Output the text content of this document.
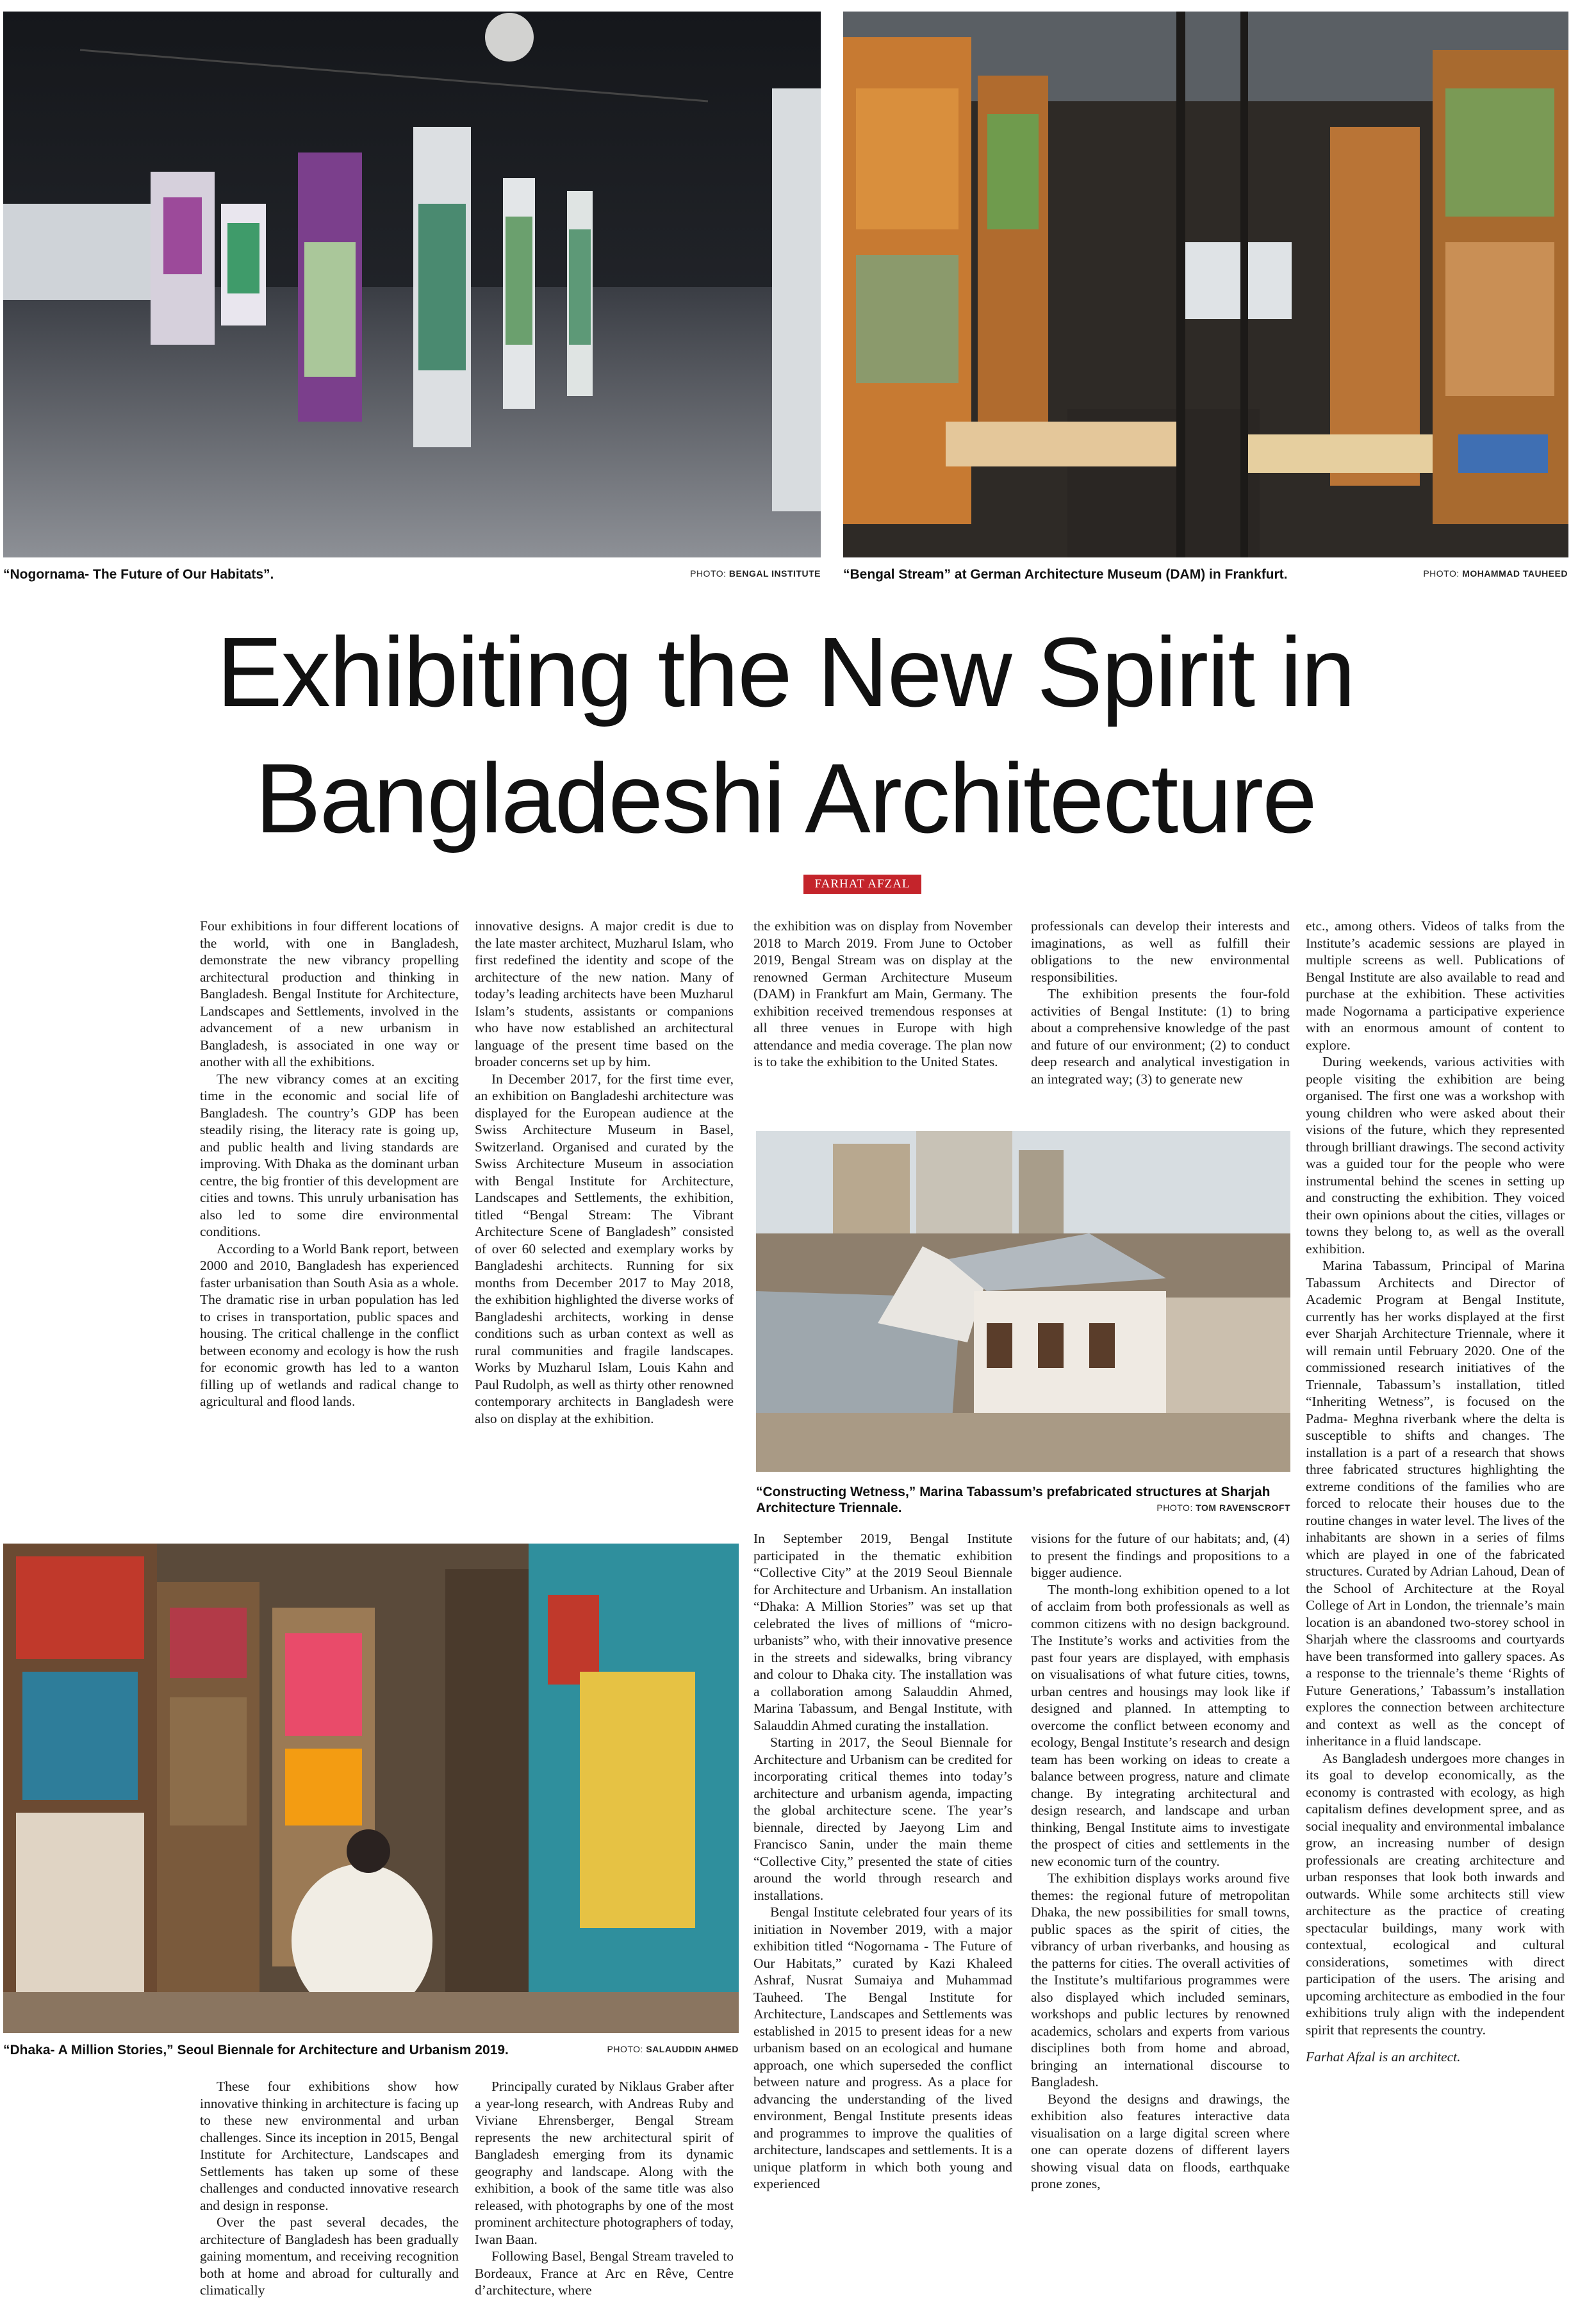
“Nogornama- The Future of Our Habitats”.	PHOTO: BENGAL INSTITUTE “Bengal Stream” at German Architecture Museum (DAM) in Frankfurt.	PHOTO: MOHAMMAD TAUHEED
Exhibiting the New Spirit in
Bangladeshi Architecture
FARHAT AFZAL

Four exhibitions in four different locations of the world, with one in Bangladesh, demonstrate the new vibrancy propelling architectural production and thinking in Bangladesh. Bengal Institute for Architecture, Landscapes and Settlements, involved in the advancement of a new urbanism in Bangladesh, is associated in one way or another with all the exhibitions.

The new vibrancy comes at an exciting time in the economic and social life of Bangladesh. The country’s GDP has been steadily rising, the literacy rate is going up, and public health and living standards are improving. With Dhaka as the dominant urban centre, the big frontier of this development are cities and towns. This unruly urbanisation has also led to some dire environmental conditions.

According to a World Bank report, between 2000 and 2010, Bangladesh has experienced faster urbanisation than South Asia as a whole. The dramatic rise in urban population has led to crises in transportation, public spaces and housing. The critical challenge in the conflict between economy and ecology is how the rush for economic growth has led to a wanton filling up of wetlands and radical change to agricultural and flood lands.

innovative designs. A major credit is due to the late master architect, Muzharul Islam, who first redefined the identity and scope of the architecture of the new nation. Many of today’s leading architects have been Muzharul Islam’s students, assistants or companions who have now established an architectural language of the present time based on the broader concerns set up by him.

In December 2017, for the first time ever, an exhibition on Bangladeshi architecture was displayed for the European audience at the Swiss Architecture Museum in Basel, Switzerland. Organised and curated by the Swiss Architecture Museum in association with Bengal Institute for Architecture, Landscapes and Settlements, the exhibition, titled “Bengal Stream: The Vibrant Architecture Scene of Bangladesh” consisted of over 60 selected and exemplary works by Bangladeshi architects. Running for six months from December 2017 to May 2018, the exhibition highlighted the diverse works of Bangladeshi architects, working in dense conditions such as urban context as well as rural communities and fragile landscapes. Works by Muzharul Islam, Louis Kahn and Paul Rudolph, as well as thirty other renowned contemporary architects in Bangladesh were also on display at the exhibition.

the exhibition was on display from November 2018 to March 2019. From June to October 2019, Bengal Stream was on display at the renowned German Architecture Museum (DAM) in Frankfurt am Main, Germany. The exhibition received tremendous responses at all three venues in Europe with high attendance and media coverage. The plan now is to take the exhibition to the United States.

professionals can develop their interests and imaginations, as well as fulfill their obligations to the new environmental responsibilities.

The exhibition presents the four-fold activities of Bengal Institute: (1) to bring about a comprehensive knowledge of the past and future of our environment; (2) to conduct deep research and analytical investigation in an integrated way; (3) to generate new

etc., among others. Videos of talks from the Institute’s academic sessions are played in multiple screens as well. Publications of Bengal Institute are also available to read and purchase at the exhibition. These activities made Nogornama a participative experience with an enormous amount of content to explore.

During weekends, various activities with people visiting the exhibition are being organised. The first one was a workshop with young children who were asked about their visions of the future, which they represented through brilliant drawings. The second activity was a guided tour for the people who were instrumental behind the scenes in setting up and constructing the exhibition. They voiced their own opinions about the cities, villages or towns they belong to, as well as the overall exhibition.

Marina Tabassum, Principal of Marina Tabassum Architects and Director of Academic Program at Bengal Institute, currently has her works displayed at the first ever Sharjah Architecture Triennale, where it will remain until February 2020. One of the commissioned research initiatives of the Triennale, Tabassum’s installation, titled “Inheriting Wetness”, is focused on the Padma- Meghna riverbank where the delta is susceptible to shifts and changes. The installation is a part of a research that shows three fabricated structures highlighting the extreme conditions of the families who are forced to relocate their houses due to the routine changes in water level. The lives of the inhabitants are shown in a series of films which are played in one of the fabricated structures. Curated by Adrian Lahoud, Dean of the School of Architecture at the Royal College of Art in London, the triennale’s main location is an abandoned two-storey school in Sharjah where the classrooms and courtyards have been transformed into gallery spaces. As a response to the triennale’s theme ‘Rights of Future Generations,’ Tabassum’s installation explores the connection between architecture and context as well as the concept of inheritance in a fluid landscape.

As Bangladesh undergoes more changes in its goal to develop economically, as the economy is contrasted with ecology, as high capitalism defines development spree, and as social inequality and environmental imbalance grow, an increasing number of design professionals are creating architecture and urban responses that look both inwards and outwards. While some architects still view architecture as the practice of creating spectacular buildings, many work with contextual, ecological and cultural considerations, sometimes with direct participation of the users. The arising and upcoming architecture as embodied in the four exhibitions truly align with the independent spirit that represents the country.

Farhat Afzal is an architect.

“Constructing Wetness,” Marina Tabassum’s prefabricated structures at Sharjah Architecture Triennale.	PHOTO: TOM RAVENSCROFT

In September 2019, Bengal Institute participated in the thematic exhibition “Collective City” at the 2019 Seoul Biennale for Architecture and Urbanism. An installation “Dhaka: A Million Stories” was set up that celebrated the lives of millions of “micro-urbanists” who, with their innovative presence in the streets and sidewalks, bring vibrancy and colour to Dhaka city. The installation was a collaboration among Salauddin Ahmed, Marina Tabassum, and Bengal Institute, with Salauddin Ahmed curating the installation.

Starting in 2017, the Seoul Biennale for Architecture and Urbanism can be credited for incorporating critical themes into today’s architecture and urbanism agenda, impacting the global architecture scene. The year’s biennale, directed by Jaeyong Lim and Francisco Sanin, under the main theme “Collective City,” presented the state of cities around the world through research and installations.

Bengal Institute celebrated four years of its initiation in November 2019, with a major exhibition titled “Nogornama - The Future of Our Habitats,” curated by Kazi Khaleed Ashraf, Nusrat Sumaiya and Muhammad Tauheed. The Bengal Institute for Architecture, Landscapes and Settlements was established in 2015 to present ideas for a new urbanism based on an ecological and humane approach, one which superseded the conflict between nature and progress. As a place for advancing the understanding of the lived environment, Bengal Institute presents ideas and programmes to improve the qualities of architecture, landscapes and settlements. It is a unique platform in which both young and experienced

visions for the future of our habitats; and, (4) to present the findings and propositions to a bigger audience.

The month-long exhibition opened to a lot of acclaim from both professionals as well as common citizens with no design background. The Institute’s works and activities from the past four years are displayed, with emphasis on visualisations of what future cities, towns, urban centres and housings may look like if designed and planned. In attempting to overcome the conflict between economy and ecology, Bengal Institute’s research and design team has been working on ideas to create a balance between progress, nature and climate change. By integrating architectural and design research, and landscape and urban thinking, Bengal Institute aims to investigate the prospect of cities and settlements in the new economic turn of the country.

The exhibition displays works around five themes: the regional future of metropolitan Dhaka, the new possibilities for small towns, public spaces as the spirit of cities, the vibrancy of urban riverbanks, and housing as the patterns for cities. The overall activities of the Institute’s multifarious programmes were also displayed which included seminars, workshops and public lectures by renowned academics, scholars and experts from various disciplines both from home and abroad, bringing an international discourse to Bangladesh.

Beyond the designs and drawings, the exhibition also features interactive data visualisation on a large digital screen where one can operate dozens of different layers showing visual data on floods, earthquake prone zones,

“Dhaka- A Million Stories,” Seoul Biennale for Architecture and Urbanism 2019.	PHOTO: SALAUDDIN AHMED

These four exhibitions show how innovative thinking in architecture is facing up to these new environmental and urban challenges. Since its inception in 2015, Bengal Institute for Architecture, Landscapes and Settlements has taken up some of these challenges and conducted innovative research and design in response.

Over the past several decades, the architecture of Bangladesh has been gradually gaining momentum, and receiving recognition both at home and abroad for culturally and climatically

Principally curated by Niklaus Graber after a year-long research, with Andreas Ruby and Viviane Ehrensberger, Bengal Stream represents the new architectural spirit of Bangladesh emerging from its dynamic geography and landscape. Along with the exhibition, a book of the same title was also released, with photographs by one of the most prominent architecture photographers of today, Iwan Baan.

Following Basel, Bengal Stream traveled to Bordeaux, France at Arc en Rêve, Centre d’architecture, where
